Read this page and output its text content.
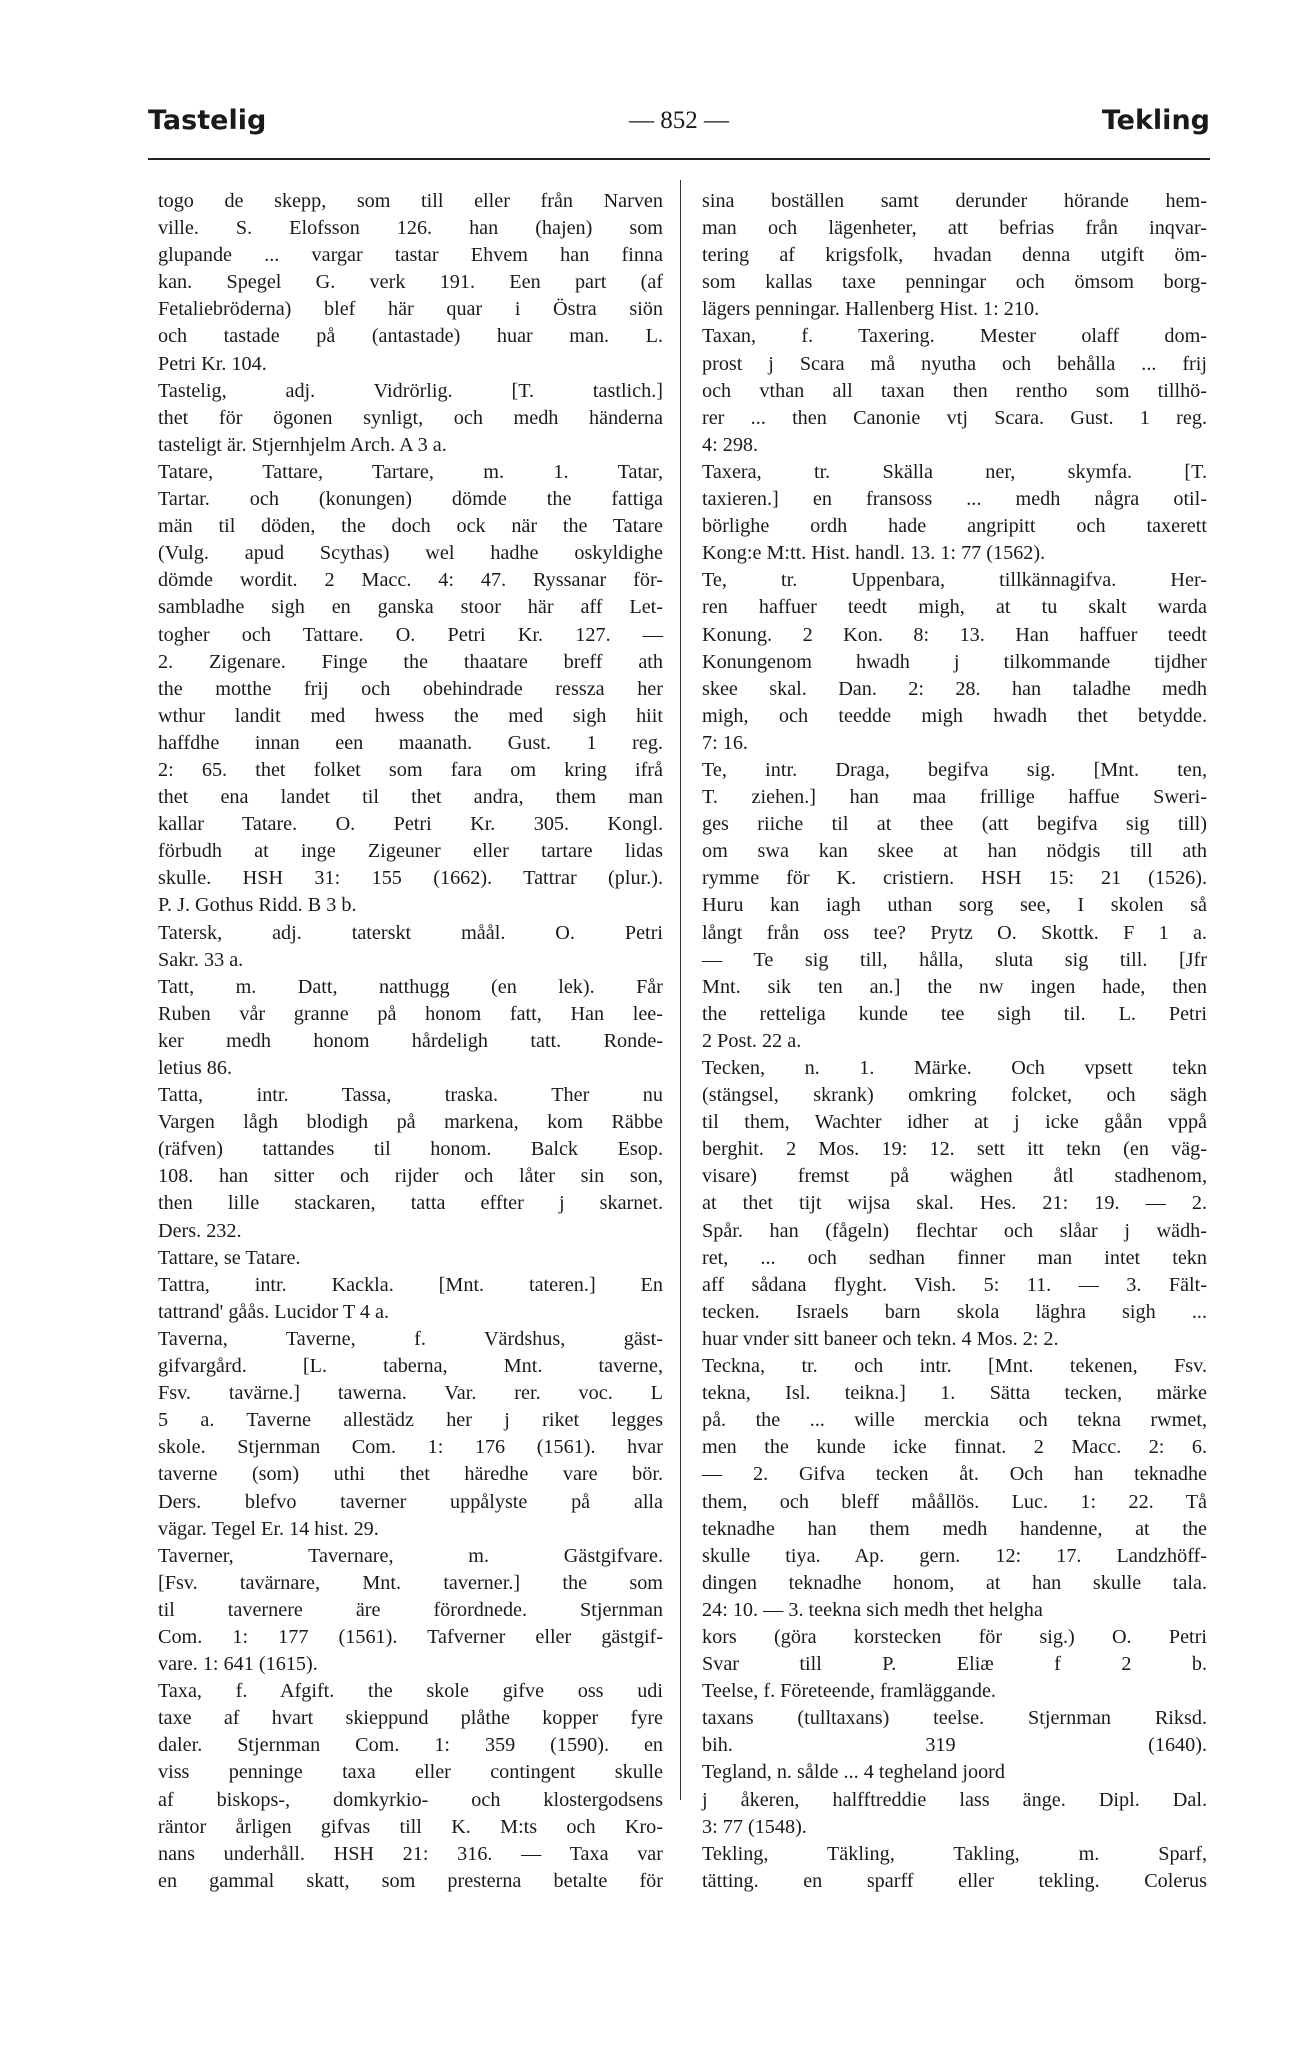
Tastelig	— 852 —	Tekling
togo de skepp, som till eller från Narven
ville. S. Elofsson 126. han (hajen) som
glupande ... vargar tastar Ehvem han finna
kan. Spegel G. verk 191. Een part (af
Fetaliebröderna) blef här quar i Östra siön
och tastade på (antastade) huar man. L.
Petri Kr. 104.
Tastelig, adj. Vidrörlig. [T. tastlich.]
thet för ögonen synligt, och medh händerna
tasteligt är. Stjernhjelm Arch. A 3 a.
Tatare, Tattare, Tartare, m. 1. Tatar,
Tartar. och (konungen) dömde the fattiga
män til döden, the doch ock när the Tatare
(Vulg. apud Scythas) wel hadhe oskyldighe
dömde wordit. 2 Macc. 4: 47. Ryssanar för-
sambladhe sigh en ganska stoor här aff Let-
togher och Tattare. O. Petri Kr. 127. —
2. Zigenare. Finge the thaatare breff ath
the motthe frij och obehindrade ressza her
wthur landit med hwess the med sigh hiit
haffdhe innan een maanath. Gust. 1 reg.
2: 65. thet folket som fara om kring ifrå
thet ena landet til thet andra, them man
kallar Tatare. O. Petri Kr. 305. Kongl.
förbudh at inge Zigeuner eller tartare lidas
skulle. HSH 31: 155 (1662). Tattrar (plur.).
P. J. Gothus Ridd. B 3 b.
Tatersk, adj. taterskt måål. O. Petri
Sakr. 33 a.
Tatt, m. Datt, natthugg (en lek). Får
Ruben vår granne på honom fatt, Han lee-
ker medh honom hårdeligh tatt. Ronde-
letius 86.
Tatta, intr. Tassa, traska. Ther nu
Vargen lågh blodigh på markena, kom Räbbe
(räfven) tattandes til honom. Balck Esop.
108. han sitter och rijder och låter sin son,
then lille stackaren, tatta effter j skarnet.
Ders. 232.
Tattare, se Tatare.
Tattra, intr. Kackla. [Mnt. tateren.] En
tattrand' gåås. Lucidor T 4 a.
Taverna, Taverne, f. Värdshus, gäst-
gifvargård. [L. taberna, Mnt. taverne,
Fsv. tavärne.] tawerna. Var. rer. voc. L
5 a. Taverne allestädz her j riket legges
skole. Stjernman Com. 1: 176 (1561). hvar
taverne (som) uthi thet häredhe vare bör.
Ders. blefvo taverner uppålyste på alla
vägar. Tegel Er. 14 hist. 29.
Taverner, Tavernare, m. Gästgifvare.
[Fsv. tavärnare, Mnt. taverner.] the som
til tavernere äre förordnede. Stjernman
Com. 1: 177 (1561). Tafverner eller gästgif-
vare. 1: 641 (1615).
Taxa, f. Afgift. the skole gifve oss udi
taxe af hvart skieppund plåthe kopper fyre
daler. Stjernman Com. 1: 359 (1590). en
viss penninge taxa eller contingent skulle
af biskops-, domkyrkio- och klostergodsens
räntor årligen gifvas till K. M:ts och Kro-
nans underhåll. HSH 21: 316. — Taxa var
en gammal skatt, som presterna betalte för
sina boställen samt derunder hörande hem-
man och lägenheter, att befrias från inqvar-
tering af krigsfolk, hvadan denna utgift öm-
som kallas taxe penningar och ömsom borg-
lägers penningar. Hallenberg Hist. 1: 210.
Taxan, f. Taxering. Mester olaff dom-
prost j Scara må nyutha och behålla ... frij
och vthan all taxan then rentho som tillhö-
rer ... then Canonie vtj Scara. Gust. 1 reg.
4: 298.
Taxera, tr. Skälla ner, skymfa. [T.
taxieren.] en fransoss ... medh några otil-
börlighe ordh hade angripitt och taxerett
Kong:e M:tt. Hist. handl. 13. 1: 77 (1562).
Te, tr. Uppenbara, tillkännagifva. Her-
ren haffuer teedt migh, at tu skalt warda
Konung. 2 Kon. 8: 13. Han haffuer teedt
Konungenom hwadh j tilkommande tijdher
skee skal. Dan. 2: 28. han taladhe medh
migh, och teedde migh hwadh thet betydde.
7: 16.
Te, intr. Draga, begifva sig. [Mnt. ten,
T. ziehen.] han maa frillige haffue Sweri-
ges riiche til at thee (att begifva sig till)
om swa kan skee at han nödgis till ath
rymme för K. cristiern. HSH 15: 21 (1526).
Huru kan iagh uthan sorg see, I skolen så
långt från oss tee? Prytz O. Skottk. F 1 a.
— Te sig till, hålla, sluta sig till. [Jfr
Mnt. sik ten an.] the nw ingen hade, then
the retteliga kunde tee sigh til. L. Petri
2 Post. 22 a.
Tecken, n. 1. Märke. Och vpsett tekn
(stängsel, skrank) omkring folcket, och sägh
til them, Wachter idher at j icke gåån vppå
berghit. 2 Mos. 19: 12. sett itt tekn (en väg-
visare) fremst på wäghen åtl stadhenom,
at thet tijt wijsa skal. Hes. 21: 19. — 2.
Spår. han (fågeln) flechtar och slåar j wädh-
ret, ... och sedhan finner man intet tekn
aff sådana flyght. Vish. 5: 11. — 3. Fält-
tecken. Israels barn skola läghra sigh ...
huar vnder sitt baneer och tekn. 4 Mos. 2: 2.
Teckna, tr. och intr. [Mnt. tekenen, Fsv.
tekna, Isl. teikna.] 1. Sätta tecken, märke
på. the ... wille merckia och tekna rwmet,
men the kunde icke finnat. 2 Macc. 2: 6.
— 2. Gifva tecken åt. Och han teknadhe
them, och bleff måållös. Luc. 1: 22. Tå
teknadhe han them medh handenne, at the
skulle tiya. Ap. gern. 12: 17. Landzhöff-
dingen teknadhe honom, at han skulle tala.
24: 10. — 3. teekna sich medh thet helgha
kors (göra korstecken för sig.) O. Petri
Svar till P. Eliæ f 2 b.
Teelse, f. Företeende, framläggande.
taxans (tulltaxans) teelse. Stjernman Riksd.
bih. 319 (1640).
Tegland, n. sålde ... 4 tegheland joord
j åkeren, halfftreddie lass änge. Dipl. Dal.
3: 77 (1548).
Tekling, Täkling, Takling, m. Sparf,
tätting. en sparff eller tekling. Colerus
